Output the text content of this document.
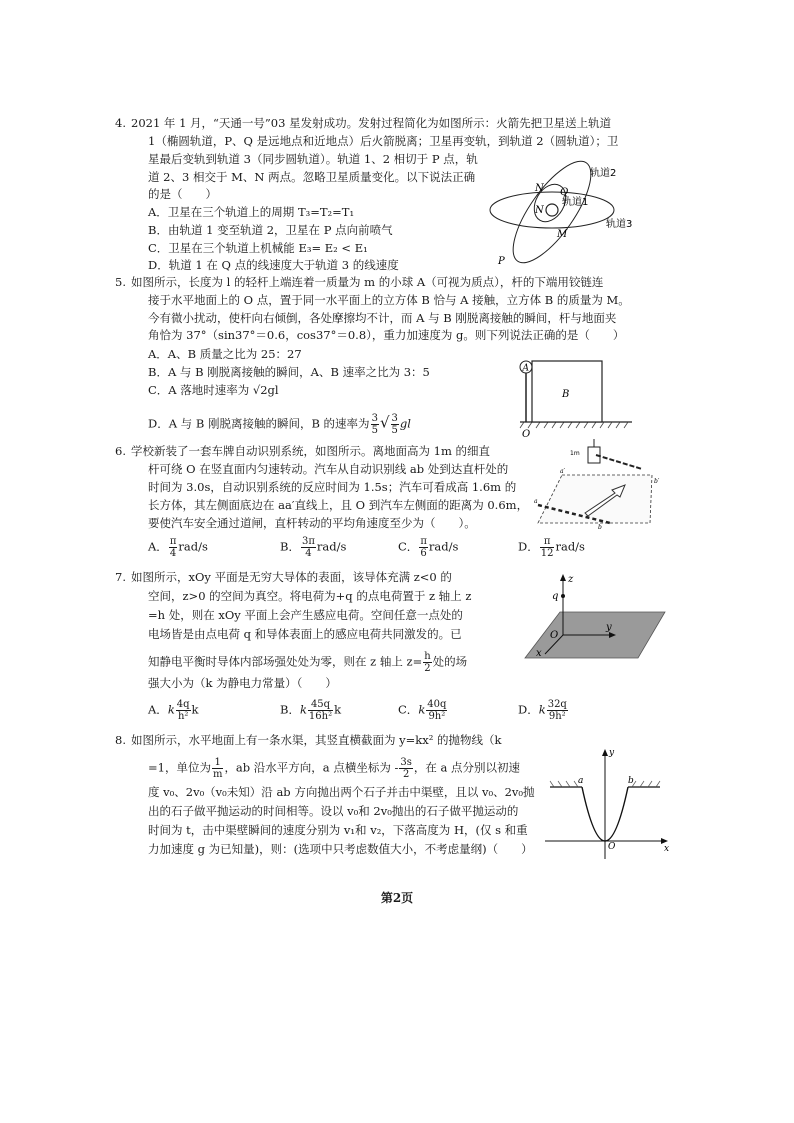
4. 2021 年 1 月，“天通一号”03 星发射成功。发射过程简化为如图所示：火箭先把卫星送上轨道
1（椭圆轨道，P、Q 是远地点和近地点）后火箭脱离；卫星再变轨，到轨道 2（圆轨道）；卫
星最后变轨到轨道 3（同步圆轨道）。轨道 1、2 相切于 P 点，轨
道 2、3 相交于 M、N 两点。忽略卫星质量变化。以下说法正确
的是（　　）
A．卫星在三个轨道上的周期 T₃=T₂=T₁
B．由轨道 1 变至轨道 2，卫星在 P 点向前喷气
C．卫星在三个轨道上机械能 E₃= E₂ < E₁
D．轨道 1 在 Q 点的线速度大于轨道 3 的线速度
N Q
轨道2
N
轨道1
M
轨道3
P
5. 如图所示，长度为 l 的轻杆上端连着一质量为 m 的小球 A（可视为质点），杆的下端用铰链连
接于水平地面上的 O 点，置于同一水平面上的立方体 B 恰与 A 接触，立方体 B 的质量为 M。
今有微小扰动，使杆向右倾倒，各处摩擦均不计，而 A 与 B 刚脱离接触的瞬间，杆与地面夹
角恰为 37°（sin37°＝0.6，cos37°＝0.8），重力加速度为 g。则下列说法正确的是（　　）
A．A、B 质量之比为 25：27
B．A 与 B 刚脱离接触的瞬间，A、B 速率之比为 3：5
C．A 落地时速率为 √2gl
D．A 与 B 刚脱离接触的瞬间，B 的速率为 $\frac{3}{5}$ √ $\frac{3}{5}$ gl
A
B
O
6. 学校新装了一套车牌自动识别系统，如图所示。离地面高为 1m 的细直
杆可绕 O 在竖直面内匀速转动。汽车从自动识别线 ab 处到达直杆处的
时间为 3.0s，自动识别系统的反应时间为 1.5s；汽车可看成高 1.6m 的
长方体，其左侧面底边在 aa′直线上，且 O 到汽车左侧面的距离为 0.6m，
要使汽车安全通过道闸，直杆转动的平均角速度至少为（　　）。
A． $\frac{\pi}{4} rad/s$	B． $\frac{3\pi}{4} rad/s$	C． $\frac{\pi}{6} rad/s$	D． $\frac{\pi}{12} rad/s$
1m
a
b
a′
b′
7. 如图所示，xOy 平面是无穷大导体的表面，该导体充满 z<0 的
空间，z>0 的空间为真空。将电荷为+q 的点电荷置于 z 轴上 z
=h 处，则在 xOy 平面上会产生感应电荷。空间任意一点处的
电场皆是由点电荷 q 和导体表面上的感应电荷共同激发的。已
知静电平衡时导体内部场强处处为零，则在 z 轴上 $z= \frac{h}{2}$ 处的场
强大小为（k 为静电力常量）（　　）
A．k $\frac{4q}{\text{h²}}$ k	B．k $\frac{45q}{\text{16h²}}$ k	C．k $\frac{40q}{\text{9h²}}$	D．k $\frac{32q}{\text{9h²}}$
z
q
O
y
x
8. 如图所示，水平地面上有一条水渠，其竖直横截面为 y=kx² 的抛物线（k
=1，单位为 $\frac{1}{m}$ ，ab 沿水平方向，a 点横坐标为 - $\frac{3s}{2}$ ，在 a 点分别以初速
度 v₀、2v₀（v₀未知）沿 ab 方向抛出两个石子并击中渠壁，且以 v₀、2v₀抛
出的石子做平抛运动的时间相等。设以 v₀和 2v₀抛出的石子做平抛运动的
时间为 t，击中渠壁瞬间的速度分别为 v₁和 v₂，下落高度为 H，(仅 s 和重
力加速度 g 为已知量)，则：(选项中只考虑数值大小，不考虑量纲)（　　）
y
a	b
O	x
第2页
